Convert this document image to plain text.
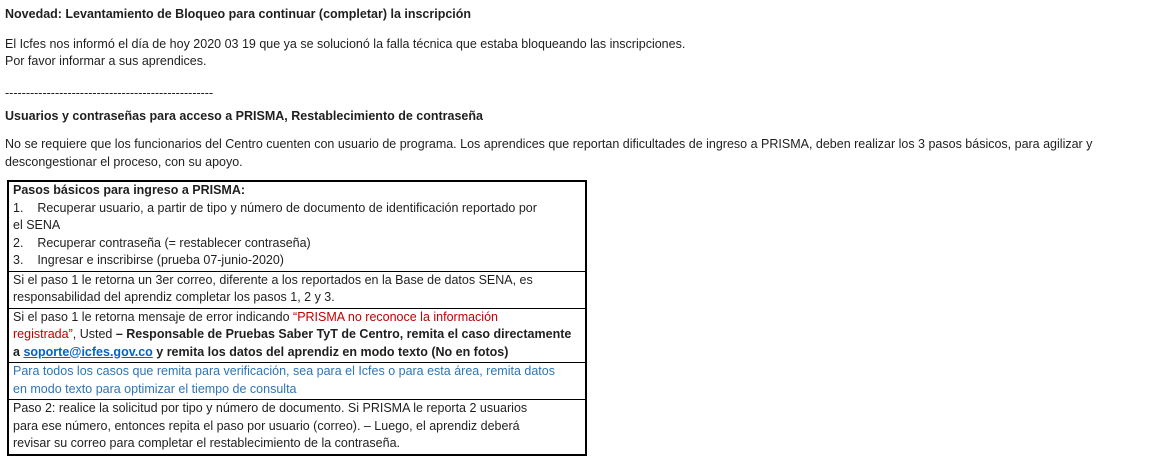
Novedad: Levantamiento de Bloqueo para continuar (completar) la inscripción
El Icfes nos informó el día de hoy 2020 03 19 que ya se solucionó la falla técnica que estaba bloqueando las inscripciones.
Por favor informar a sus aprendices.
--------------------------------------------------
Usuarios y contraseñas para acceso a PRISMA, Restablecimiento de contraseña
No se requiere que los funcionarios del Centro cuenten con usuario de programa. Los aprendices que reportan dificultades de ingreso a PRISMA, deben realizar los 3 pasos básicos, para agilizar y
descongestionar el proceso, con su apoyo.
Pasos básicos para ingreso a PRISMA:
1.    Recuperar usuario, a partir de tipo y número de documento de identificación reportado por
el SENA
2.    Recuperar contraseña (= restablecer contraseña)
3.    Ingresar e inscribirse (prueba 07-junio-2020)

Si el paso 1 le retorna un 3er correo, diferente a los reportados en la Base de datos SENA, es
responsabilidad del aprendiz completar los pasos 1, 2 y 3.

Si el paso 1 le retorna mensaje de error indicando “PRISMA no reconoce la información
registrada”, Usted – Responsable de Pruebas Saber TyT de Centro, remita el caso directamente
a soporte@icfes.gov.co y remita los datos del aprendiz en modo texto (No en fotos)

Para todos los casos que remita para verificación, sea para el Icfes o para esta área, remita datos
en modo texto para optimizar el tiempo de consulta

Paso 2: realice la solicitud por tipo y número de documento. Si PRISMA le reporta 2 usuarios
para ese número, entonces repita el paso por usuario (correo). – Luego, el aprendiz deberá
revisar su correo para completar el restablecimiento de la contraseña.
